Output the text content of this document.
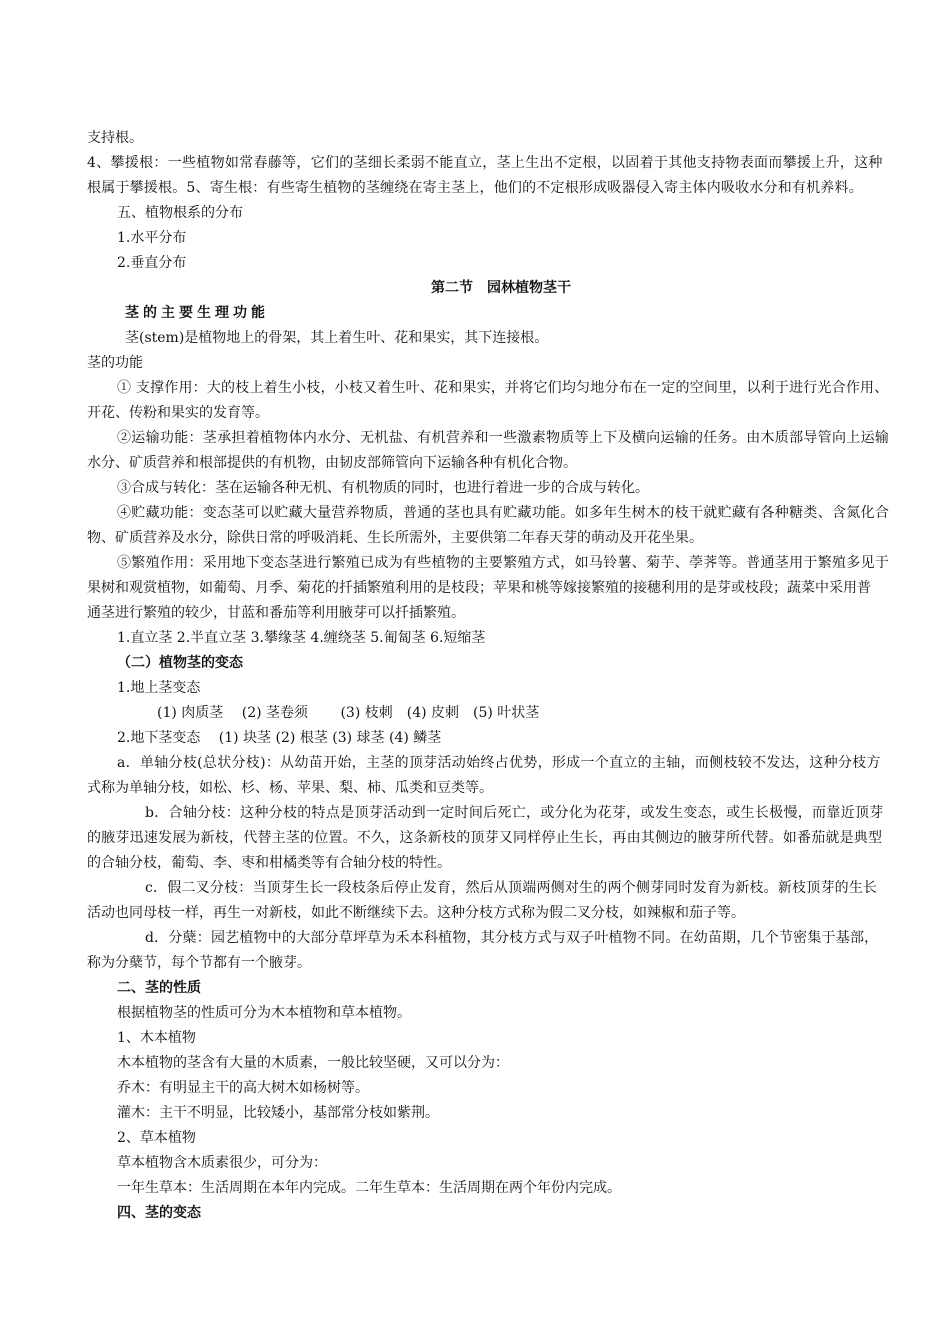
支持根。

4、攀援根：一些植物如常春藤等，它们的茎细长柔弱不能直立，茎上生出不定根，以固着于其他支持物表面而攀援上升，这种

根属于攀援根。5、寄生根：有些寄生植物的茎缠绕在寄主茎上，他们的不定根形成吸器侵入寄主体内吸收水分和有机养料。

五、植物根系的分布

1.水平分布

2.垂直分布

第二节　园林植物茎干

茎的主要生理功能

茎(stem)是植物地上的骨架，其上着生叶、花和果实，其下连接根。

茎的功能

① 支撑作用：大的枝上着生小枝，小枝又着生叶、花和果实，并将它们均匀地分布在一定的空间里，以利于进行光合作用、

开花、传粉和果实的发育等。

②运输功能：茎承担着植物体内水分、无机盐、有机营养和一些激素物质等上下及横向运输的任务。由木质部导管向上运输

水分、矿质营养和根部提供的有机物，由韧皮部筛管向下运输各种有机化合物。

③合成与转化：茎在运输各种无机、有机物质的同时，也进行着进一步的合成与转化。

④贮藏功能：变态茎可以贮藏大量营养物质，普通的茎也具有贮藏功能。如多年生树木的枝干就贮藏有各种糖类、含氮化合

物、矿质营养及水分，除供日常的呼吸消耗、生长所需外，主要供第二年春天芽的萌动及开花坐果。

⑤繁殖作用：采用地下变态茎进行繁殖已成为有些植物的主要繁殖方式，如马铃薯、菊芋、荸荠等。普通茎用于繁殖多见于

果树和观赏植物，如葡萄、月季、菊花的扦插繁殖利用的是枝段；苹果和桃等嫁接繁殖的接穗利用的是芽或枝段；蔬菜中采用普

通茎进行繁殖的较少，甘蓝和番茄等利用腋芽可以扦插繁殖。

1.直立茎 2.半直立茎 3.攀缘茎 4.缠绕茎 5.匍匐茎 6.短缩茎

（二）植物茎的变态

1.地上茎变态

(1) 肉质茎　 (2) 茎卷须　　 (3) 枝刺　(4) 皮刺　(5) 叶状茎

2.地下茎变态　 (1) 块茎 (2) 根茎 (3) 球茎 (4) 鳞茎

a．单轴分枝(总状分枝)：从幼苗开始，主茎的顶芽活动始终占优势，形成一个直立的主轴，而侧枝较不发达，这种分枝方

式称为单轴分枝，如松、杉、杨、苹果、梨、柿、瓜类和豆类等。

b．合轴分枝：这种分枝的特点是顶芽活动到一定时间后死亡，或分化为花芽，或发生变态，或生长极慢，而靠近顶芽

的腋芽迅速发展为新枝，代替主茎的位置。不久，这条新枝的顶芽又同样停止生长，再由其侧边的腋芽所代替。如番茄就是典型

的合轴分枝，葡萄、李、枣和柑橘类等有合轴分枝的特性。

c．假二叉分枝：当顶芽生长一段枝条后停止发育，然后从顶端两侧对生的两个侧芽同时发育为新枝。新枝顶芽的生长

活动也同母枝一样，再生一对新枝，如此不断继续下去。这种分枝方式称为假二叉分枝，如辣椒和茄子等。

d．分蘖：园艺植物中的大部分草坪草为禾本科植物，其分枝方式与双子叶植物不同。在幼苗期，几个节密集于基部，

称为分蘖节，每个节都有一个腋芽。

二、茎的性质

根据植物茎的性质可分为木本植物和草本植物。

1、木本植物

木本植物的茎含有大量的木质素，一般比较坚硬，又可以分为：

乔木：有明显主干的高大树木如杨树等。

灌木：主干不明显，比较矮小，基部常分枝如紫荆。

2、草本植物

草本植物含木质素很少，可分为：

一年生草本：生活周期在本年内完成。二年生草本：生活周期在两个年份内完成。

四、茎的变态
